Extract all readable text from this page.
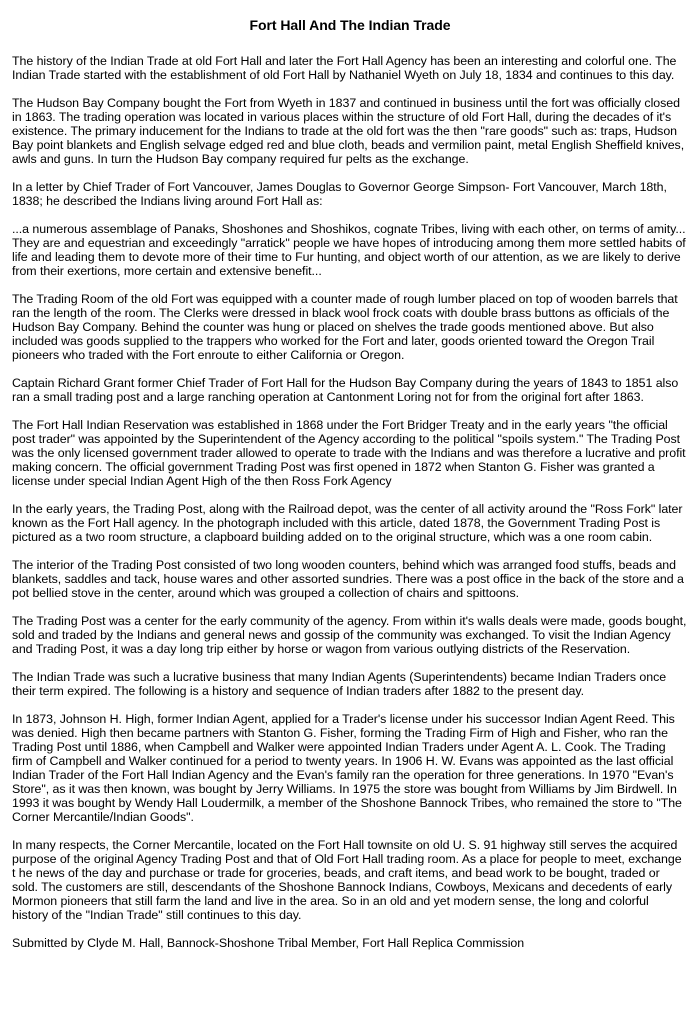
Fort Hall And The Indian Trade

The history of the Indian Trade at old Fort Hall and later the Fort Hall Agency has been an interesting and colorful one. The Indian Trade started with the establishment of old Fort Hall by Nathaniel Wyeth on July 18, 1834 and continues to this day.

The Hudson Bay Company bought the Fort from Wyeth in 1837 and continued in business until the fort was officially closed in 1863. The trading operation was located in various places within the structure of old Fort Hall, during the decades of it's existence. The primary inducement for the Indians to trade at the old fort was the then "rare goods" such as: traps, Hudson Bay point blankets and English selvage edged red and blue cloth, beads and vermilion paint, metal English Sheffield knives, awls and guns. In turn the Hudson Bay company required fur pelts as the exchange.

In a letter by Chief Trader of Fort Vancouver, James Douglas to Governor George Simpson- Fort Vancouver, March 18th, 1838; he described the Indians living around Fort Hall as:

...a numerous assemblage of Panaks, Shoshones and Shoshikos, cognate Tribes, living with each other, on terms of amity... They are and equestrian and exceedingly "arratick" people we have hopes of introducing among them more settled habits of life and leading them to devote more of their time to Fur hunting, and object worth of our attention, as we are likely to derive from their exertions, more certain and extensive benefit...

The Trading Room of the old Fort was equipped with a counter made of rough lumber placed on top of wooden barrels that ran the length of the room. The Clerks were dressed in black wool frock coats with double brass buttons as officials of the Hudson Bay Company. Behind the counter was hung or placed on shelves the trade goods mentioned above. But also included was goods supplied to the trappers who worked for the Fort and later, goods oriented toward the Oregon Trail pioneers who traded with the Fort enroute to either California or Oregon.

Captain Richard Grant former Chief Trader of Fort Hall for the Hudson Bay Company during the years of 1843 to 1851 also ran a small trading post and a large ranching operation at Cantonment Loring not for from the original fort after 1863.

The Fort Hall Indian Reservation was established in 1868 under the Fort Bridger Treaty and in the early years "the official post trader" was appointed by the Superintendent of the Agency according to the political "spoils system." The Trading Post was the only licensed government trader allowed to operate to trade with the Indians and was therefore a lucrative and profit making concern. The official government Trading Post was first opened in 1872 when Stanton G. Fisher was granted a license under special Indian Agent High of the then Ross Fork Agency

In the early years, the Trading Post, along with the Railroad depot, was the center of all activity around the "Ross Fork" later known as the Fort Hall agency. In the photograph included with this article, dated 1878, the Government Trading Post is pictured as a two room structure, a clapboard building added on to the original structure, which was a one room cabin.

The interior of the Trading Post consisted of two long wooden counters, behind which was arranged food stuffs, beads and blankets, saddles and tack, house wares and other assorted sundries. There was a post office in the back of the store and a pot bellied stove in the center, around which was grouped a collection of chairs and spittoons.

The Trading Post was a center for the early community of the agency. From within it's walls deals were made, goods bought, sold and traded by the Indians and general news and gossip of the community was exchanged. To visit the Indian Agency and Trading Post, it was a day long trip either by horse or wagon from various outlying districts of the Reservation.

The Indian Trade was such a lucrative business that many Indian Agents (Superintendents) became Indian Traders once their term expired. The following is a history and sequence of Indian traders after 1882 to the present day.

In 1873, Johnson H. High, former Indian Agent, applied for a Trader's license under his successor Indian Agent Reed. This was denied. High then became partners with Stanton G. Fisher, forming the Trading Firm of High and Fisher, who ran the Trading Post until 1886, when Campbell and Walker were appointed Indian Traders under Agent A. L. Cook. The Trading firm of Campbell and Walker continued for a period to twenty years. In 1906 H. W. Evans was appointed as the last official Indian Trader of the Fort Hall Indian Agency and the Evan's family ran the operation for three generations. In 1970 "Evan's Store", as it was then known, was bought by Jerry Williams. In 1975 the store was bought from Williams by Jim Birdwell. In 1993 it was bought by Wendy Hall Loudermilk, a member of the Shoshone Bannock Tribes, who remained the store to "The Corner Mercantile/Indian Goods".

In many respects, the Corner Mercantile, located on the Fort Hall townsite on old U. S. 91 highway still serves the acquired purpose of the original Agency Trading Post and that of Old Fort Hall trading room. As a place for people to meet, exchange t he news of the day and purchase or trade for groceries, beads, and craft items, and bead work to be bought, traded or sold. The customers are still, descendants of the Shoshone Bannock Indians, Cowboys, Mexicans and decedents of early Mormon pioneers that still farm the land and live in the area. So in an old and yet modern sense, the long and colorful history of the "Indian Trade" still continues to this day.

Submitted by Clyde M. Hall, Bannock-Shoshone Tribal Member, Fort Hall Replica Commission
